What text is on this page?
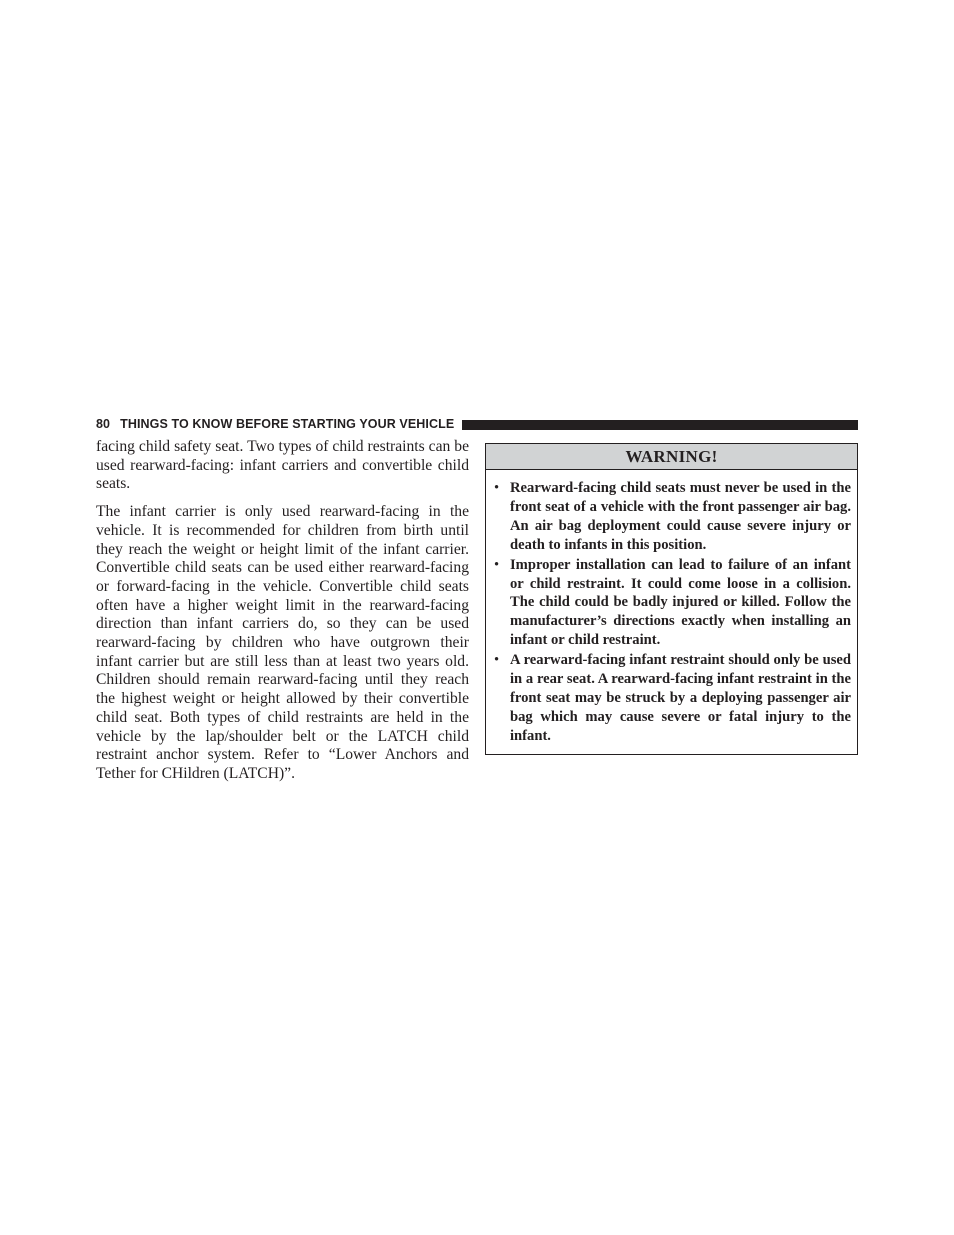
80 THINGS TO KNOW BEFORE STARTING YOUR VEHICLE

facing child safety seat. Two types of child restraints can be used rearward-facing: infant carriers and convertible child seats.

The infant carrier is only used rearward-facing in the vehicle. It is recommended for children from birth until they reach the weight or height limit of the infant carrier. Convertible child seats can be used either rearward-facing or forward-facing in the vehicle. Convertible child seats often have a higher weight limit in the rearward-facing direction than infant carriers do, so they can be used rearward-facing by children who have outgrown their infant carrier but are still less than at least two years old. Children should remain rearward-facing until they reach the highest weight or height allowed by their convertible child seat. Both types of child restraints are held in the vehicle by the lap/shoulder belt or the LATCH child restraint anchor system. Refer to “Lower Anchors and Tether for CHildren (LATCH)”.

WARNING!
• Rearward-facing child seats must never be used in the front seat of a vehicle with the front passenger air bag. An air bag deployment could cause severe injury or death to infants in this position.
• Improper installation can lead to failure of an infant or child restraint. It could come loose in a collision. The child could be badly injured or killed. Follow the manufacturer’s directions exactly when installing an infant or child restraint.
• A rearward-facing infant restraint should only be used in a rear seat. A rearward-facing infant restraint in the front seat may be struck by a deploying passenger air bag which may cause severe or fatal injury to the infant.
